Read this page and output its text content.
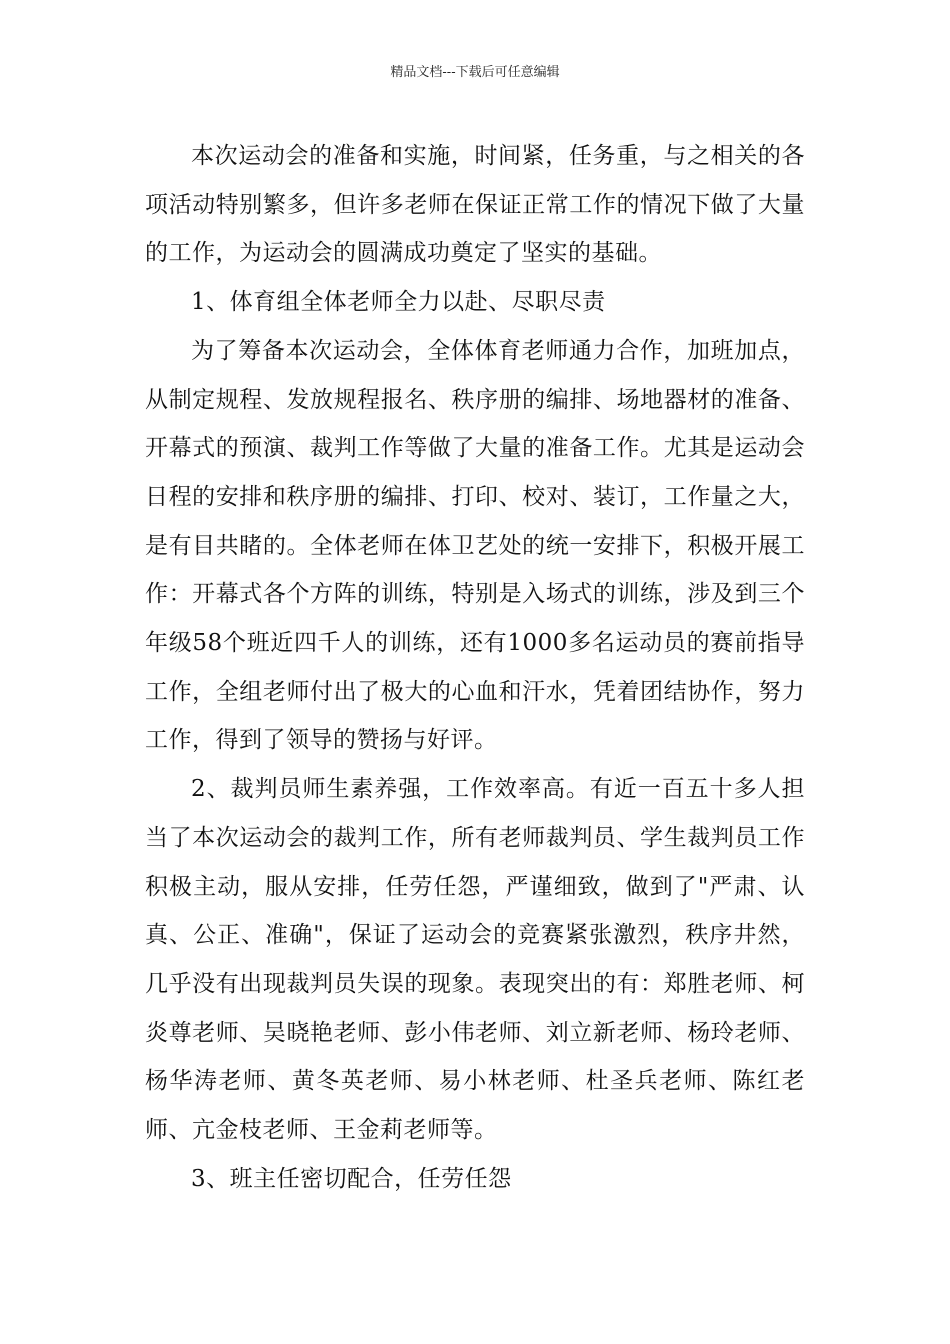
精品文档---下载后可任意编辑

本次运动会的准备和实施，时间紧，任务重，与之相关的各项活动特别繁多，但许多老师在保证正常工作的情况下做了大量的工作，为运动会的圆满成功奠定了坚实的基础。

1、体育组全体老师全力以赴、尽职尽责

为了筹备本次运动会，全体体育老师通力合作，加班加点，从制定规程、发放规程报名、秩序册的编排、场地器材的准备、开幕式的预演、裁判工作等做了大量的准备工作。尤其是运动会日程的安排和秩序册的编排、打印、校对、装订，工作量之大，是有目共睹的。全体老师在体卫艺处的统一安排下，积极开展工作：开幕式各个方阵的训练，特别是入场式的训练，涉及到三个年级58个班近四千人的训练，还有1000多名运动员的赛前指导工作，全组老师付出了极大的心血和汗水，凭着团结协作，努力工作，得到了领导的赞扬与好评。

2、裁判员师生素养强，工作效率高。有近一百五十多人担当了本次运动会的裁判工作，所有老师裁判员、学生裁判员工作积极主动，服从安排，任劳任怨，严谨细致，做到了"严肃、认真、公正、准确"，保证了运动会的竞赛紧张激烈，秩序井然，几乎没有出现裁判员失误的现象。表现突出的有：郑胜老师、柯炎尊老师、吴晓艳老师、彭小伟老师、刘立新老师、杨玲老师、杨华涛老师、黄冬英老师、易小林老师、杜圣兵老师、陈红老师、亢金枝老师、王金莉老师等。

3、班主任密切配合，任劳任怨
